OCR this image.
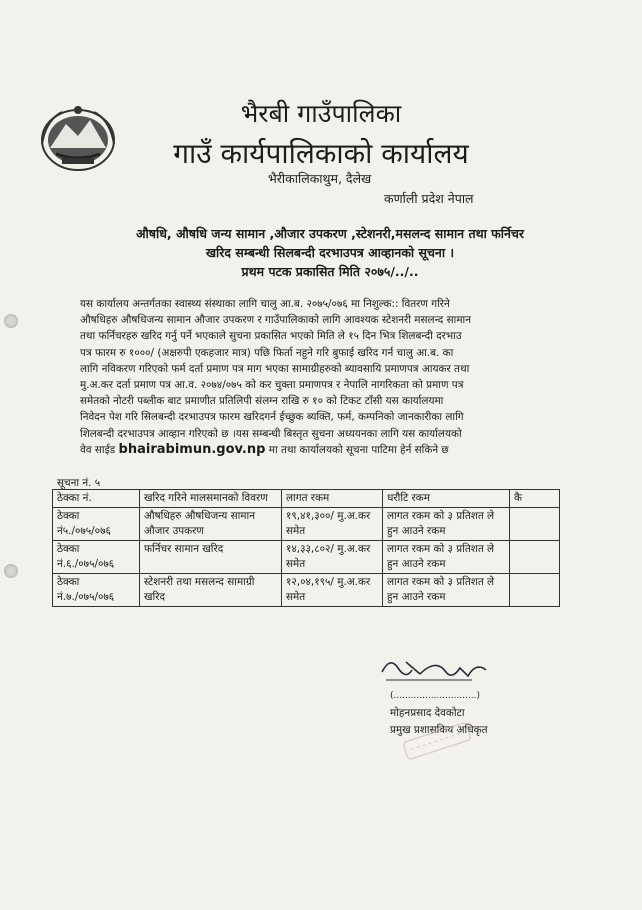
भैरबी गाउँपालिका
गाउँ कार्यपालिकाको कार्यालय
भैरीकालिकाथुम, दैलेख
कर्णाली प्रदेश नेपाल
औषधि, औषधि जन्य सामान ,औजार उपकरण ,स्टेशनरी,मसलन्द सामान तथा फर्निचर
खरिद सम्बन्धी सिलबन्दी दरभाउपत्र आव्हानको सूचना ।
प्रथम पटक प्रकासित मिति २०७५/../..
यस कार्यालय अन्तर्गतका स्वास्थ्य संस्थाका लागि चालु आ.ब. २०७५/०७६ मा निशुल्क:: वितरण गरिने
औषधिहरु औषधिजन्य सामान औजार उपकरण र गाउँपालिकाको लागि आवश्यक स्टेशनरी मसलन्द सामान
तथा फर्निचरहरु खरिद गर्नु पर्ने भएकाले सुचना प्रकासित भएको मिति ले १५ दिन भित्र शिलबन्दी दरभाउ
पत्र फारम रु १०००/ (अक्षरुपी एकहजार मात्र) पछि फिर्ता नहुने गरि बुफाई खरिद गर्न चालु आ.ब. का
लागि नविकरण गरिएको फर्म दर्ता प्रमाण पत्र माग भएका सामाग्रीहरुको ब्यावसायि प्रमाणपत्र आयकर तथा
मु.अ.कर दर्ता प्रमाण पत्र आ.व. २०७४/०७५ को कर चुक्ता प्रमाणपत्र र नेपालि नागरिकता को प्रमाण पत्र
समेतको नोटरी पब्लीक बाट प्रमाणीत प्रतिलिपी संलग्न राखि रु १० को टिकट टाँसी यस कार्यालयमा
निवेदन पेश गरि सिलबन्दी दरभाउपत्र फारम खरिदगर्न ईच्छुक ब्यक्ति, फर्म, कम्पनिको जानकारीका लागि
शिलबन्दी दरभाउपत्र आव्हान गरिएको छ ।यस सम्बन्धी बिस्तृत सुचना अध्ययनका लागि यस कार्यालयको
वेव साईड bhairabimun.gov.np मा तथा कार्यालयको सूचना पाटिमा हेर्न सकिने छ
सूचना नं. ५
ठेक्का नं.	खरिद गरिने मालसमानको विवरण	लागत रकम	धरौटि रकम	कै
ठेक्का नं५./०७५/०७६	औषधिहरु औषधिजन्य सामान औजार उपकरण	१९,४१,३००/ मु.अ.कर समेत	लागत रकम को ३ प्रतिशत ले हुन आउने रकम	
ठेक्का नं.६./०७५/०७६	फर्निचर सामान खरिद	१४,३३,८०२/ मु.अ.कर समेत	लागत रकम को ३ प्रतिशत ले हुन आउने रकम	
ठेक्का नं.७./०७५/०७६	स्टेशनरी तथा मसलन्द सामाग्री खरिद	१२,०४,१९५/ मु.अ.कर समेत	लागत रकम को ३ प्रतिशत ले हुन आउने रकम	
(.............................)
मोहनप्रसाद देवकोटा
प्रमुख प्रशासकिय अधिकृत
